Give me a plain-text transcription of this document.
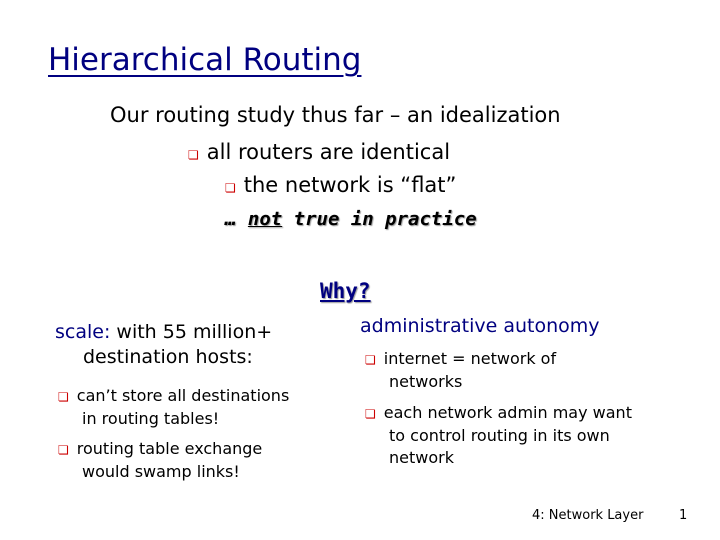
Hierarchical Routing
Our routing study thus far – an idealization
❏ all routers are identical
❏ the network is “flat”
… not true in practice
Why?
scale: with 55 million+
destination hosts:
❏ can’t store all destinations
in routing tables!
❏ routing table exchange
would swamp links!
administrative autonomy
❏ internet = network of
networks
❏ each network admin may want
to control routing in its own
network
4: Network Layer	1
